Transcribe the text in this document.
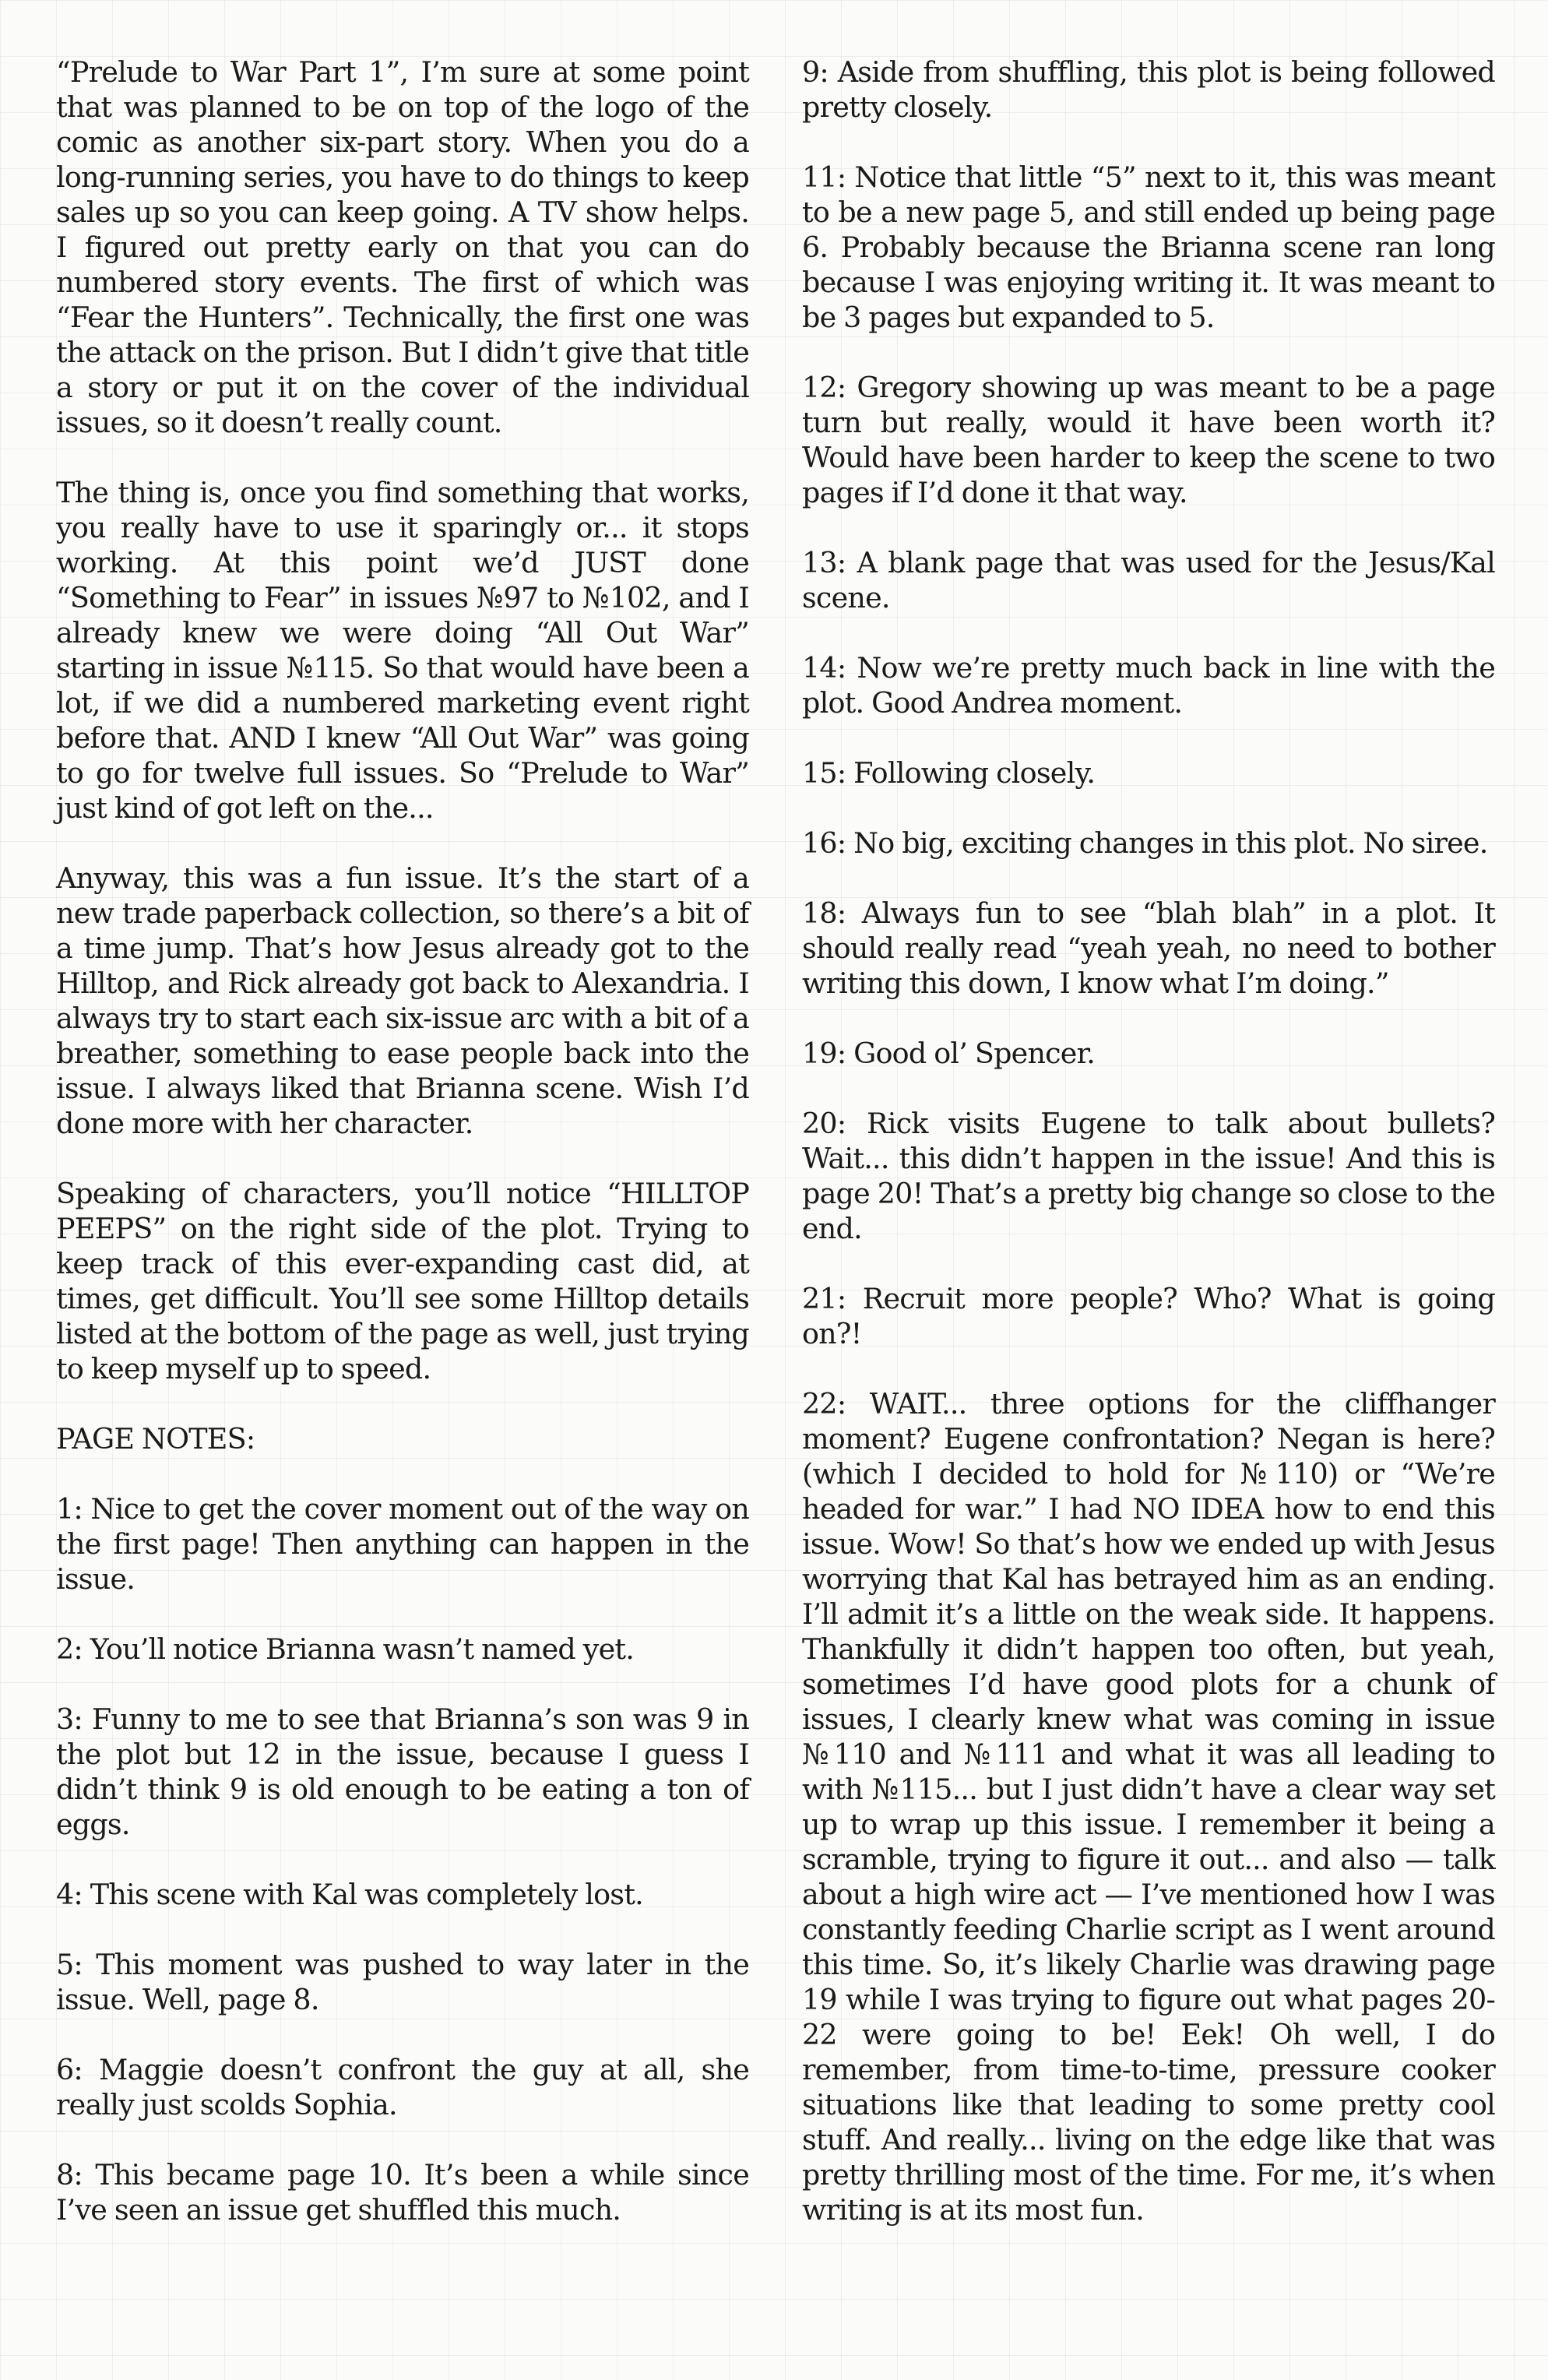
“Prelude to War Part 1”, I’m sure at some point that was planned to be on top of the logo of the comic as another six-part story. When you do a long-running series, you have to do things to keep sales up so you can keep going. A TV show helps. I figured out pretty early on that you can do numbered story events. The first of which was “Fear the Hunters”. Technically, the first one was the attack on the prison. But I didn’t give that title a story or put it on the cover of the individual issues, so it doesn’t really count.

The thing is, once you find something that works, you really have to use it sparingly or... it stops working. At this point we’d JUST done “Something to Fear” in issues №97 to №102, and I already knew we were doing “All Out War” starting in issue №115. So that would have been a lot, if we did a numbered marketing event right before that. AND I knew “All Out War” was going to go for twelve full issues. So “Prelude to War” just kind of got left on the...

Anyway, this was a fun issue. It’s the start of a new trade paperback collection, so there’s a bit of a time jump. That’s how Jesus already got to the Hilltop, and Rick already got back to Alexandria. I always try to start each six-issue arc with a bit of a breather, something to ease people back into the issue. I always liked that Brianna scene. Wish I’d done more with her character.

Speaking of characters, you’ll notice “HILLTOP PEEPS” on the right side of the plot. Trying to keep track of this ever-expanding cast did, at times, get difficult. You’ll see some Hilltop details listed at the bottom of the page as well, just trying to keep myself up to speed.

PAGE NOTES:

1: Nice to get the cover moment out of the way on the first page! Then anything can happen in the issue.

2: You’ll notice Brianna wasn’t named yet.

3: Funny to me to see that Brianna’s son was 9 in the plot but 12 in the issue, because I guess I didn’t think 9 is old enough to be eating a ton of eggs.

4: This scene with Kal was completely lost.

5: This moment was pushed to way later in the issue. Well, page 8.

6: Maggie doesn’t confront the guy at all, she really just scolds Sophia.

8: This became page 10. It’s been a while since I’ve seen an issue get shuffled this much.

9: Aside from shuffling, this plot is being followed pretty closely.

11: Notice that little “5” next to it, this was meant to be a new page 5, and still ended up being page 6. Probably because the Brianna scene ran long because I was enjoying writing it. It was meant to be 3 pages but expanded to 5.

12: Gregory showing up was meant to be a page turn but really, would it have been worth it? Would have been harder to keep the scene to two pages if I’d done it that way.

13: A blank page that was used for the Jesus/Kal scene.

14: Now we’re pretty much back in line with the plot. Good Andrea moment.

15: Following closely.

16: No big, exciting changes in this plot. No siree.

18: Always fun to see “blah blah” in a plot. It should really read “yeah yeah, no need to bother writing this down, I know what I’m doing.”

19: Good ol’ Spencer.

20: Rick visits Eugene to talk about bullets? Wait... this didn’t happen in the issue! And this is page 20! That’s a pretty big change so close to the end.

21: Recruit more people? Who? What is going on?!

22: WAIT... three options for the cliffhanger moment? Eugene confrontation? Negan is here? (which I decided to hold for №110) or “We’re headed for war.” I had NO IDEA how to end this issue. Wow! So that’s how we ended up with Jesus worrying that Kal has betrayed him as an ending. I’ll admit it’s a little on the weak side. It happens. Thankfully it didn’t happen too often, but yeah, sometimes I’d have good plots for a chunk of issues, I clearly knew what was coming in issue №110 and №111 and what it was all leading to with №115... but I just didn’t have a clear way set up to wrap up this issue. I remember it being a scramble, trying to figure it out... and also — talk about a high wire act — I’ve mentioned how I was constantly feeding Charlie script as I went around this time. So, it’s likely Charlie was drawing page 19 while I was trying to figure out what pages 20-22 were going to be! Eek! Oh well, I do remember, from time-to-time, pressure cooker situations like that leading to some pretty cool stuff. And really... living on the edge like that was pretty thrilling most of the time. For me, it’s when writing is at its most fun.
